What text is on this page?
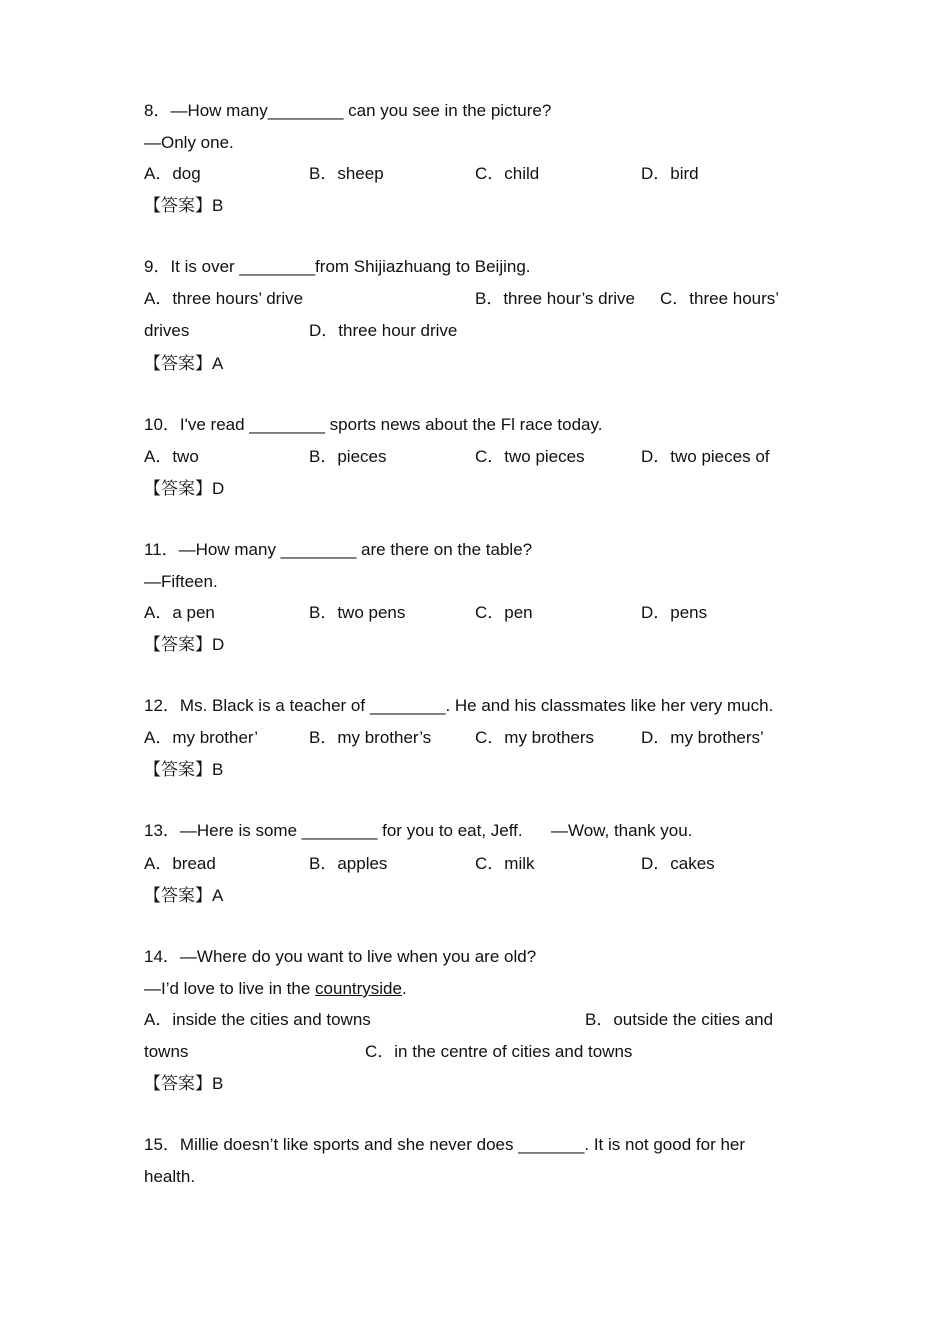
8．—How many________ can you see in the picture?
—Only one.
A．dog	B．sheep	C．child	D．bird
【答案】B
9．It is over ________from Shijiazhuang to Beijing.
A．three hours’ drive	B．three hour’s drive C．three hours’
drives	D．three hour drive
【答案】A
10．I've read ________ sports news about the Fl race today.
A．two	B．pieces	C．two pieces	D．two pieces of
【答案】D
11．—How many ________ are there on the table?
—Fifteen.
A．a pen	B．two pens	C．pen	D．pens
【答案】D
12．Ms. Black is a teacher of ________. He and his classmates like her very much.
A．my brother’	B．my brother’s	C．my brothers	D．my brothers’
【答案】B
13．—Here is some ________ for you to eat, Jeff.      —Wow, thank you.
A．bread	B．apples	C．milk	D．cakes
【答案】A
14．—Where do you want to live when you are old?
—I’d love to live in the countryside.
A．inside the cities and towns	B．outside the cities and
towns	C．in the centre of cities and towns
【答案】B
15．Millie doesn’t like sports and she never does _______. It is not good for her
health.
